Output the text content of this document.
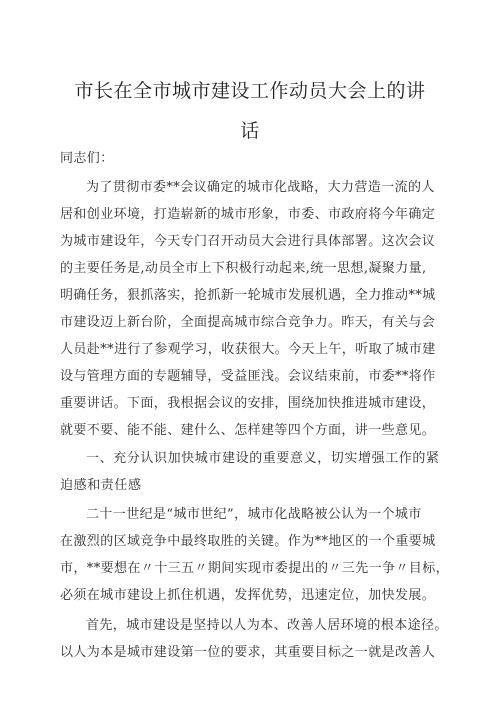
市长在全市城市建设工作动员大会上的讲
话
同志们：
为了贯彻市委**会议确定的城市化战略，大力营造一流的人
居和创业环境，打造崭新的城市形象，市委、市政府将今年确定
为城市建设年，今天专门召开动员大会进行具体部署。这次会议
的主要任务是,动员全市上下积极行动起来,统一思想,凝聚力量,
明确任务，狠抓落实，抢抓新一轮城市发展机遇，全力推动**城
市建设迈上新台阶，全面提高城市综合竞争力。昨天，有关与会
人员赴**进行了参观学习，收获很大。今天上午，听取了城市建
设与管理方面的专题辅导，受益匪浅。会议结束前，市委**将作
重要讲话。下面，我根据会议的安排，围绕加快推进城市建设，
就要不要、能不能、建什么、怎样建等四个方面，讲一些意见。
一、充分认识加快城市建设的重要意义，切实增强工作的紧
迫感和责任感
二十一世纪是“城市世纪”，城市化战略被公认为一个城市
在激烈的区域竞争中最终取胜的关键。作为**地区的一个重要城
市，**要想在〃十三五〃期间实现市委提出的〃三先一争〃目标，
必须在城市建设上抓住机遇，发挥优势，迅速定位，加快发展。
首先，城市建设是坚持以人为本、改善人居环境的根本途径。
以人为本是城市建设第一位的要求，其重要目标之一就是改善人
